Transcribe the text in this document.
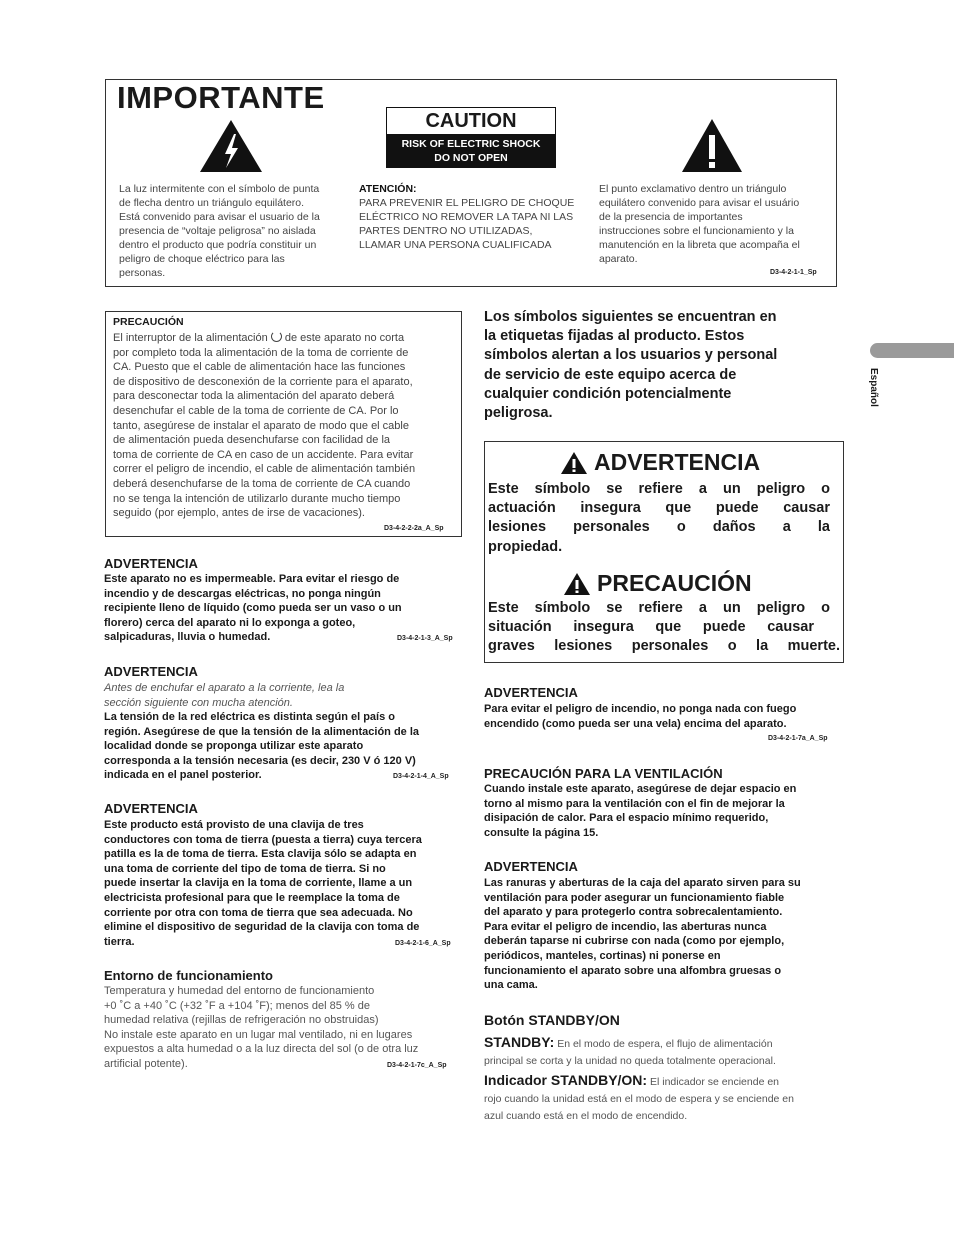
IMPORTANTE
CAUTION
RISK OF ELECTRIC SHOCK
DO NOT OPEN
La luz intermitente con el símbolo de punta
de flecha dentro un triángulo equilátero.
Está convenido para avisar el usuario de la
presencia de “voltaje peligrosa” no aislada
dentro el producto que podría constituir un
peligro de choque eléctrico para las
personas.
ATENCIÓN:
PARA PREVENIR EL PELIGRO DE CHOQUE
ELÉCTRICO NO REMOVER LA TAPA NI LAS
PARTES DENTRO NO UTILIZADAS,
LLAMAR UNA PERSONA CUALIFICADA
El punto exclamativo dentro un triángulo
equilátero convenido para avisar el usuário
de la presencia de importantes
instrucciones sobre el funcionamiento y la
manutención en la libreta que acompaña el
aparato.
D3-4-2-1-1_Sp
PRECAUCIÓN
El interruptor de la alimentación de este aparato no corta
por completo toda la alimentación de la toma de corriente de
CA. Puesto que el cable de alimentación hace las funciones
de dispositivo de desconexión de la corriente para el aparato,
para desconectar toda la alimentación del aparato deberá
desenchufar el cable de la toma de corriente de CA. Por lo
tanto, asegúrese de instalar el aparato de modo que el cable
de alimentación pueda desenchufarse con facilidad de la
toma de corriente de CA en caso de un accidente. Para evitar
correr el peligro de incendio, el cable de alimentación también
deberá desenchufarse de la toma de corriente de CA cuando
no se tenga la intención de utilizarlo durante mucho tiempo
seguido (por ejemplo, antes de irse de vacaciones).
D3-4-2-2-2a_A_Sp
ADVERTENCIA
Este aparato no es impermeable. Para evitar el riesgo de
incendio y de descargas eléctricas, no ponga ningún
recipiente lleno de líquido (como pueda ser un vaso o un
florero) cerca del aparato ni lo exponga a goteo,
salpicaduras, lluvia o humedad.	D3-4-2-1-3_A_Sp
ADVERTENCIA
Antes de enchufar el aparato a la corriente, lea la
sección siguiente con mucha atención.
La tensión de la red eléctrica es distinta según el país o
región. Asegúrese de que la tensión de la alimentación de la
localidad donde se proponga utilizar este aparato
corresponda a la tensión necesaria (es decir, 230 V ó 120 V)
indicada en el panel posterior.	D3-4-2-1-4_A_Sp
ADVERTENCIA
Este producto está provisto de una clavija de tres
conductores con toma de tierra (puesta a tierra) cuya tercera
patilla es la de toma de tierra. Esta clavija sólo se adapta en
una toma de corriente del tipo de toma de tierra. Si no
puede insertar la clavija en la toma de corriente, llame a un
electricista profesional para que le reemplace la toma de
corriente por otra con toma de tierra que sea adecuada. No
elimine el dispositivo de seguridad de la clavija con toma de
tierra.	D3-4-2-1-6_A_Sp
Entorno de funcionamiento
Temperatura y humedad del entorno de funcionamiento
+0 ˚C a +40 ˚C (+32 ˚F a +104 ˚F); menos del 85 % de
humedad relativa (rejillas de refrigeración no obstruidas)
No instale este aparato en un lugar mal ventilado, ni en lugares
expuestos a alta humedad o a la luz directa del sol (o de otra luz
artificial potente).	D3-4-2-1-7c_A_Sp
Los símbolos siguientes se encuentran en
la etiquetas fijadas al producto. Estos
símbolos alertan a los usuarios y personal
de servicio de este equipo acerca de
cualquier condición potencialmente
peligrosa.
ADVERTENCIA
Este símbolo se refiere a un peligro o
actuación insegura que puede causar
lesiones personales o daños a la
propiedad.
PRECAUCIÓN
Este símbolo se refiere a un peligro o
situación insegura que puede causar
graves lesiones personales o la muerte.
ADVERTENCIA
Para evitar el peligro de incendio, no ponga nada con fuego
encendido (como pueda ser una vela) encima del aparato.
D3-4-2-1-7a_A_Sp
PRECAUCIÓN PARA LA VENTILACIÓN
Cuando instale este aparato, asegúrese de dejar espacio en
torno al mismo para la ventilación con el fin de mejorar la
disipación de calor. Para el espacio mínimo requerido,
consulte la página 15.
ADVERTENCIA
Las ranuras y aberturas de la caja del aparato sirven para su
ventilación para poder asegurar un funcionamiento fiable
del aparato y para protegerlo contra sobrecalentamiento.
Para evitar el peligro de incendio, las aberturas nunca
deberán taparse ni cubrirse con nada (como por ejemplo,
periódicos, manteles, cortinas) ni ponerse en
funcionamiento el aparato sobre una alfombra gruesas o
una cama.
Botón STANDBY/ON
STANDBY: En el modo de espera, el flujo de alimentación
principal se corta y la unidad no queda totalmente operacional.
Indicador STANDBY/ON: El indicador se enciende en
rojo cuando la unidad está en el modo de espera y se enciende en
azul cuando está en el modo de encendido.
Español
